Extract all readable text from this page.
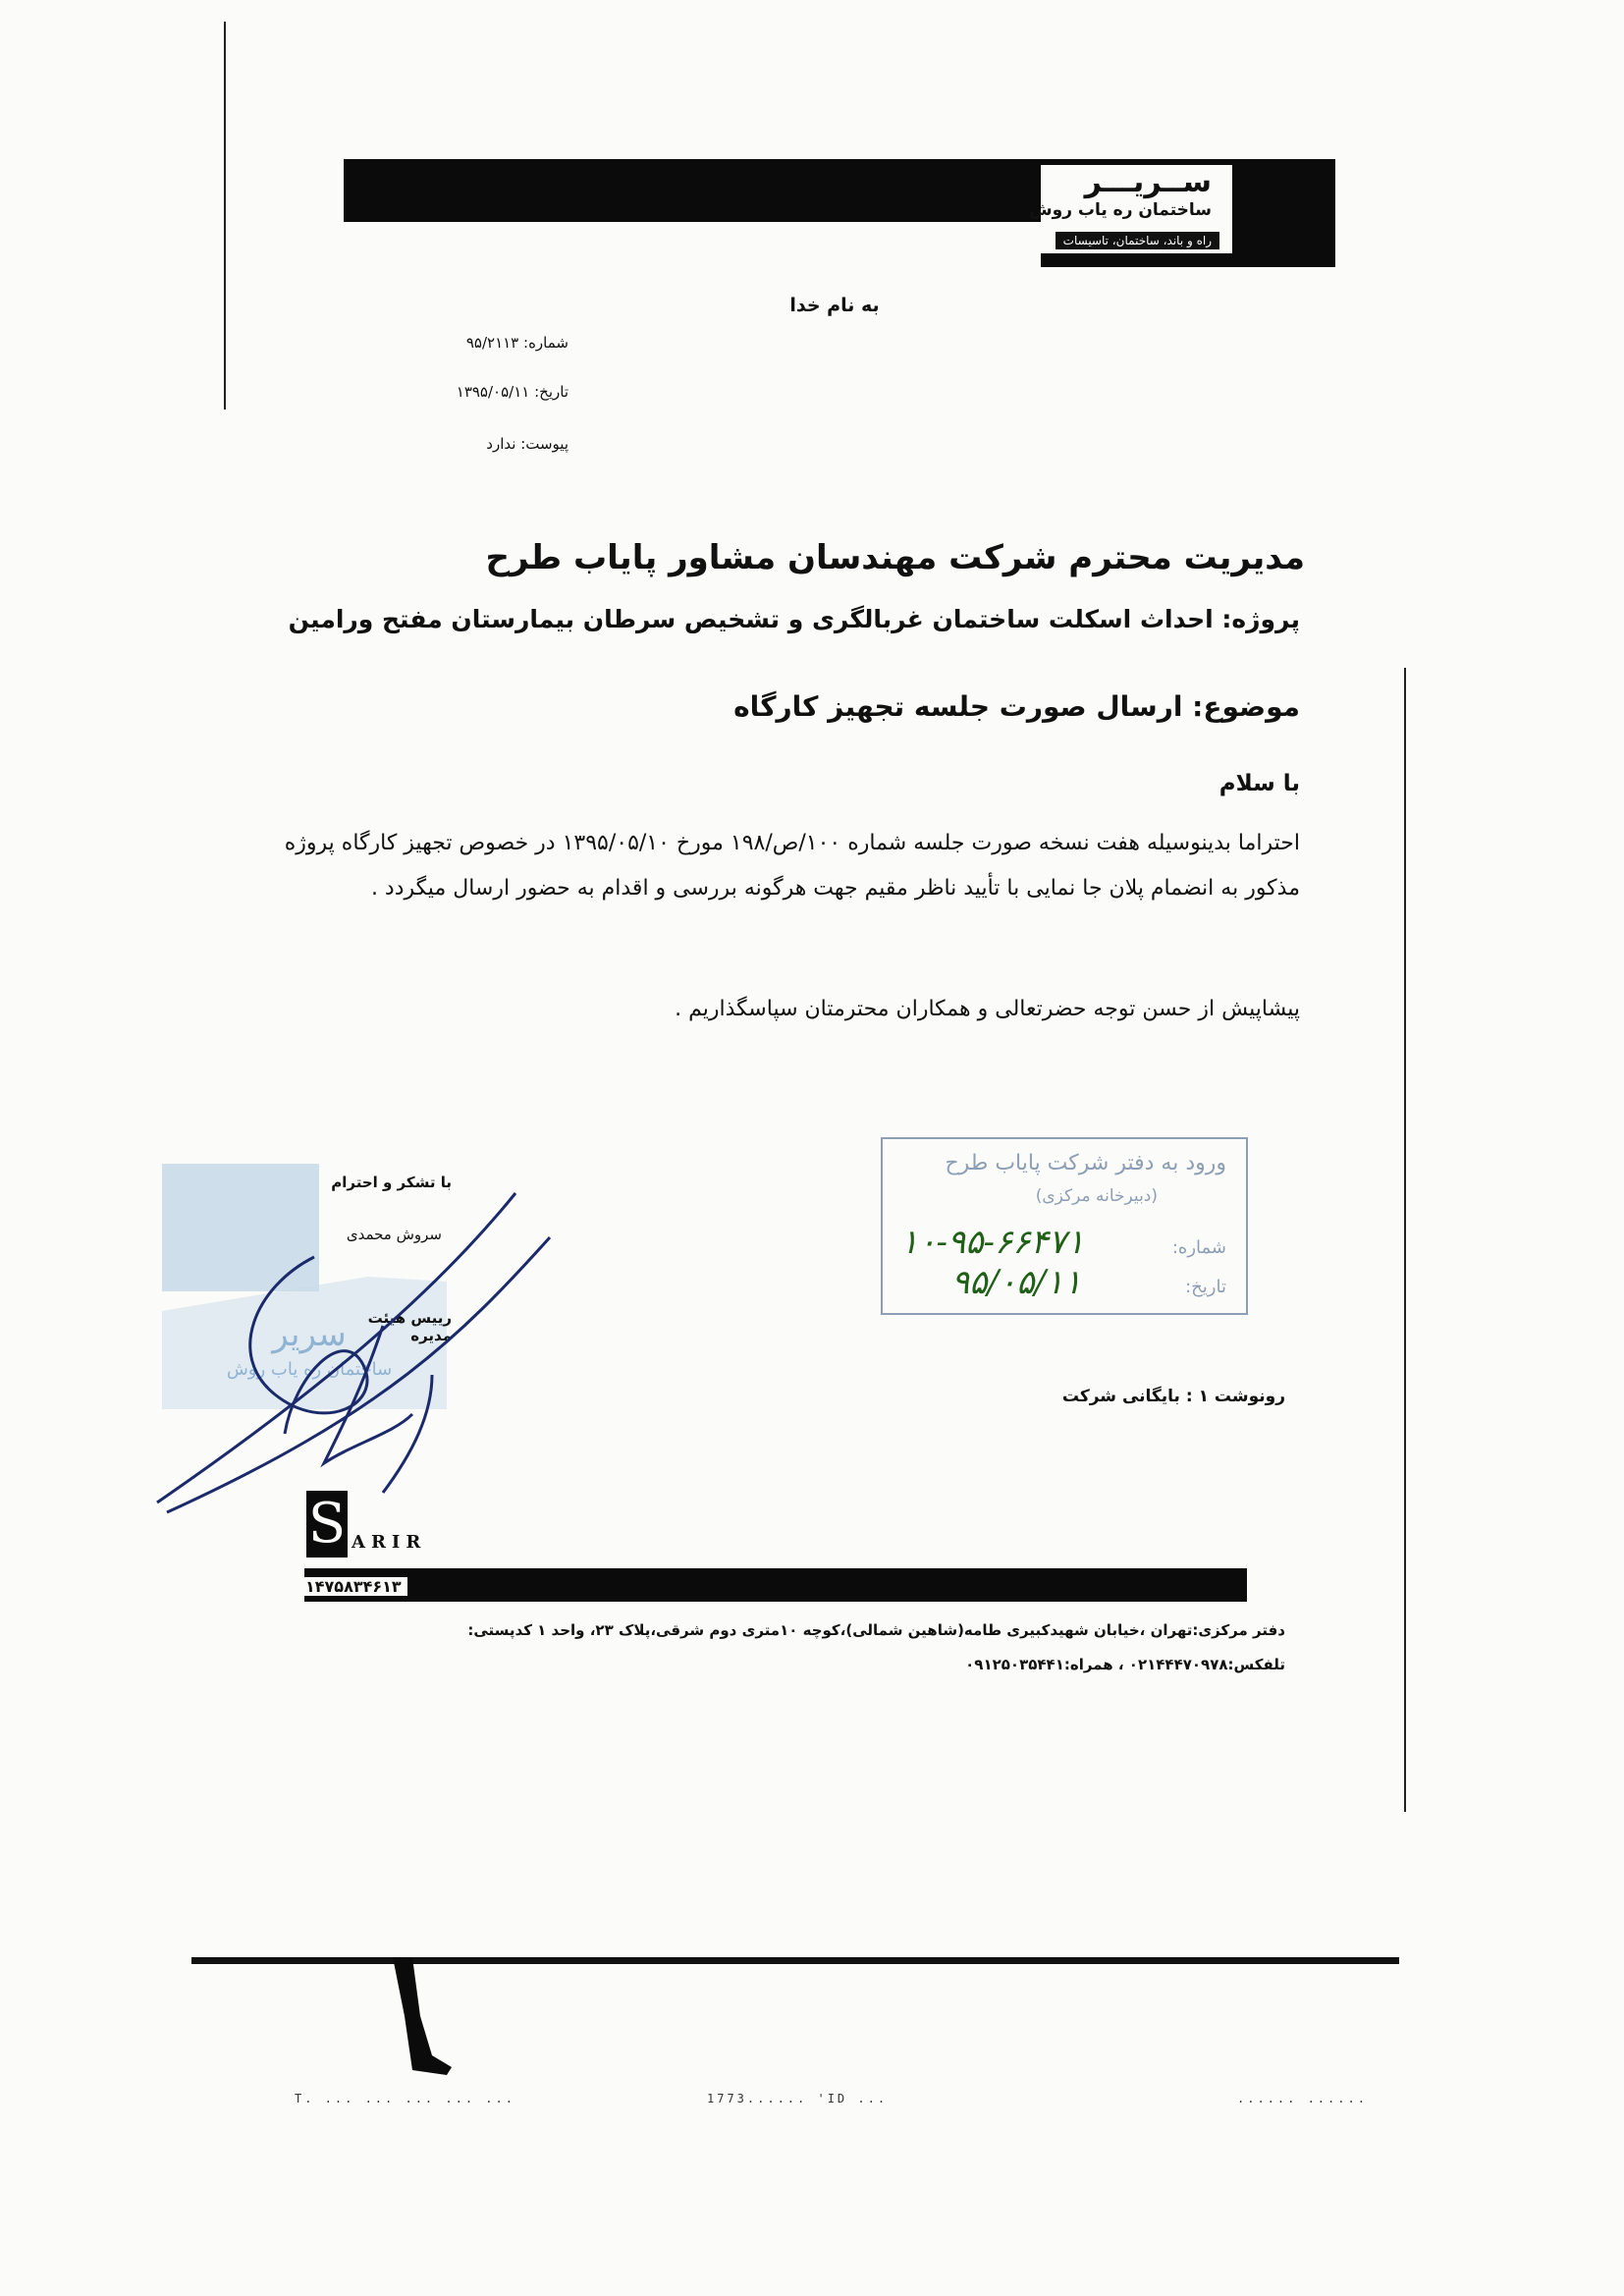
ســریـــر
ساختمان ره یاب روش
راه و باند، ساختمان، تاسیسات
به نام خدا
شماره: ۹۵/۲۱۱۳
تاریخ: ۱۳۹۵/۰۵/۱۱
پیوست: ندارد
مدیریت محترم شرکت مهندسان مشاور پایاب طرح
پروژه: احداث اسکلت ساختمان غربالگری و تشخیص سرطان بیمارستان مفتح ورامین
موضوع: ارسال صورت جلسه تجهیز کارگاه
با سلام
احتراما بدینوسیله هفت نسخه صورت جلسه شماره ۱۰۰/ص/۱۹۸ مورخ ۱۳۹۵/۰۵/۱۰ در خصوص تجهیز کارگاه پروژه مذکور به انضمام پلان جا نمایی با تأیید ناظر مقیم جهت هرگونه بررسی و اقدام به حضور ارسال میگردد .
پیشاپیش از حسن توجه حضرتعالی و همکاران محترمتان سپاسگذاریم .
سریر
ساختمان ره یاب روش
با تشکر و احترام
سروش محمدی
رییس هیئت مدیره
ورود به دفتر شرکت پایاب طرح
(دبیرخانه مرکزی)
شماره:
تاریخ:
۱۰-۹۵-۶۶۴۷۱
۹۵/۰۵/۱۱
رونوشت ۱ : بایگانی شرکت
S ARIR
۱۴۷۵۸۳۴۶۱۳
دفتر مرکزی:تهران ،خیابان شهیدکبیری طامه(شاهین شمالی)،کوچه ۱۰متری دوم شرقی،پلاک ۲۳، واحد ۱ کدپستی:
تلفکس:۰۲۱۴۴۴۷۰۹۷۸ ، همراه:۰۹۱۲۵۰۳۵۴۴۱
T. ... ... ... ... ...	1773...... 'ID ...	...... ......
